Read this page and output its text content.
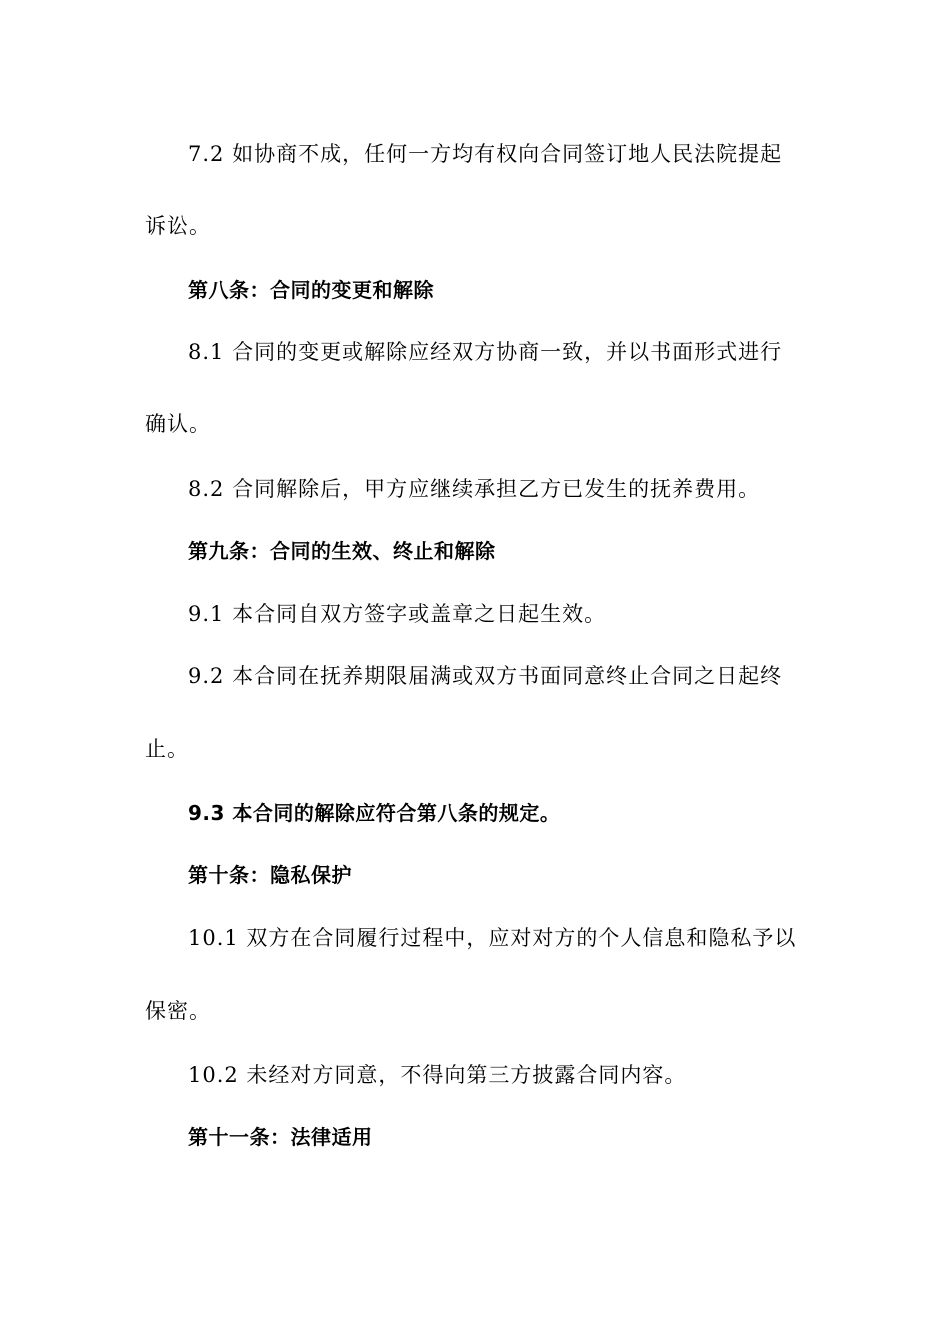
7.2 如协商不成，任何一方均有权向合同签订地人民法院提起
诉讼。
第八条：合同的变更和解除
8.1 合同的变更或解除应经双方协商一致，并以书面形式进行
确认。
8.2 合同解除后，甲方应继续承担乙方已发生的抚养费用。
第九条：合同的生效、终止和解除
9.1 本合同自双方签字或盖章之日起生效。
9.2 本合同在抚养期限届满或双方书面同意终止合同之日起终
止。
9.3 本合同的解除应符合第八条的规定。
第十条：隐私保护
10.1 双方在合同履行过程中，应对对方的个人信息和隐私予以
保密。
10.2 未经对方同意，不得向第三方披露合同内容。
第十一条：法律适用
